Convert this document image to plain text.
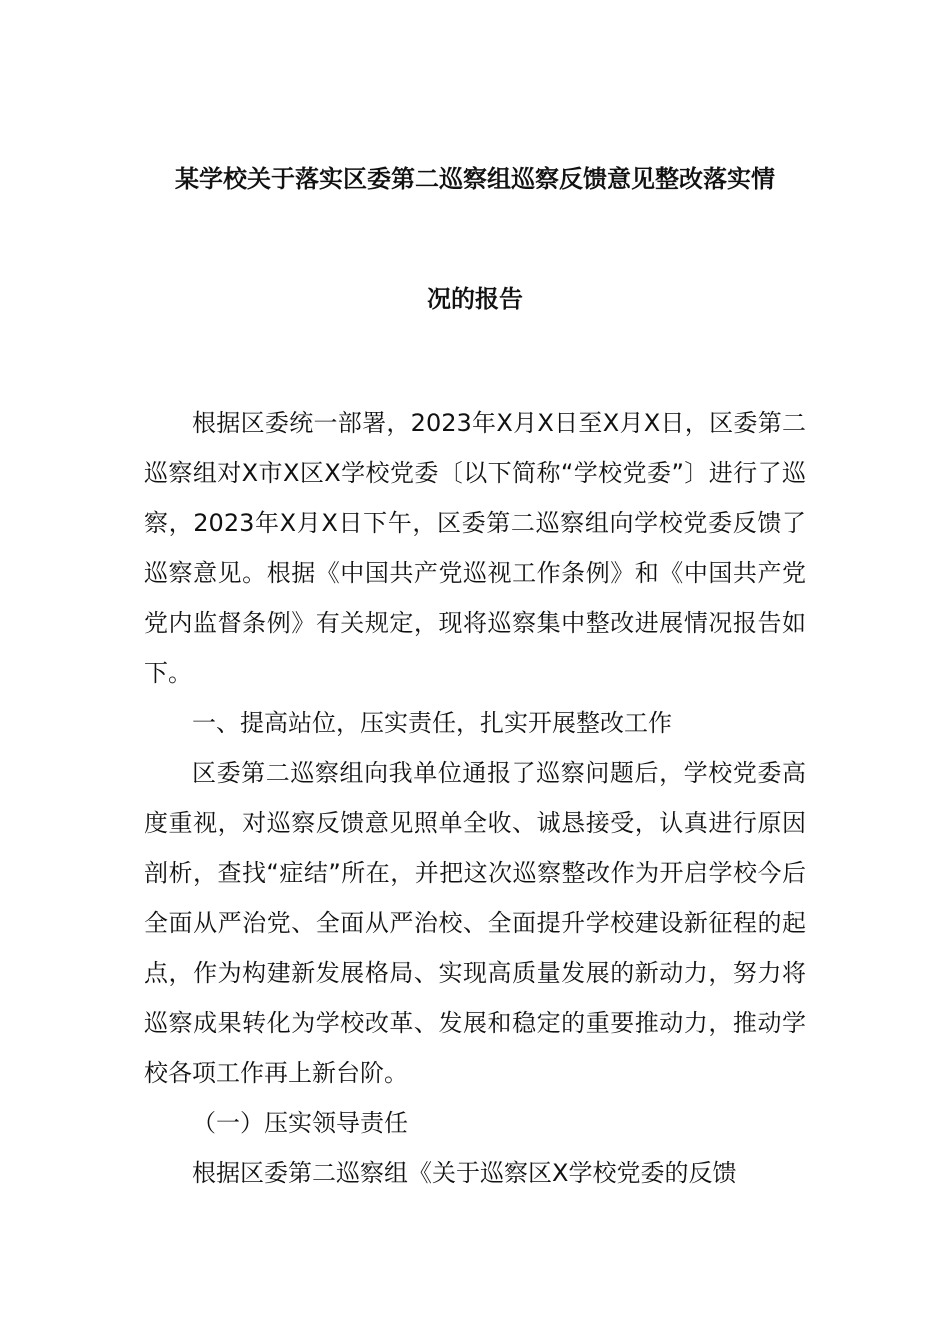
某学校关于落实区委第二巡察组巡察反馈意见整改落实情
况的报告

根据区委统一部署，2023年X月X日至X月X日，区委第二巡察组对X市X区X学校党委〔以下简称“学校党委”〕进行了巡察，2023年X月X日下午，区委第二巡察组向学校党委反馈了巡察意见。根据《中国共产党巡视工作条例》和《中国共产党党内监督条例》有关规定，现将巡察集中整改进展情况报告如下。

一、提高站位，压实责任，扎实开展整改工作

区委第二巡察组向我单位通报了巡察问题后，学校党委高度重视，对巡察反馈意见照单全收、诚恳接受，认真进行原因剖析，查找“症结”所在，并把这次巡察整改作为开启学校今后全面从严治党、全面从严治校、全面提升学校建设新征程的起点，作为构建新发展格局、实现高质量发展的新动力，努力将巡察成果转化为学校改革、发展和稳定的重要推动力，推动学校各项工作再上新台阶。

（一）压实领导责任

根据区委第二巡察组《关于巡察区X学校党委的反馈
